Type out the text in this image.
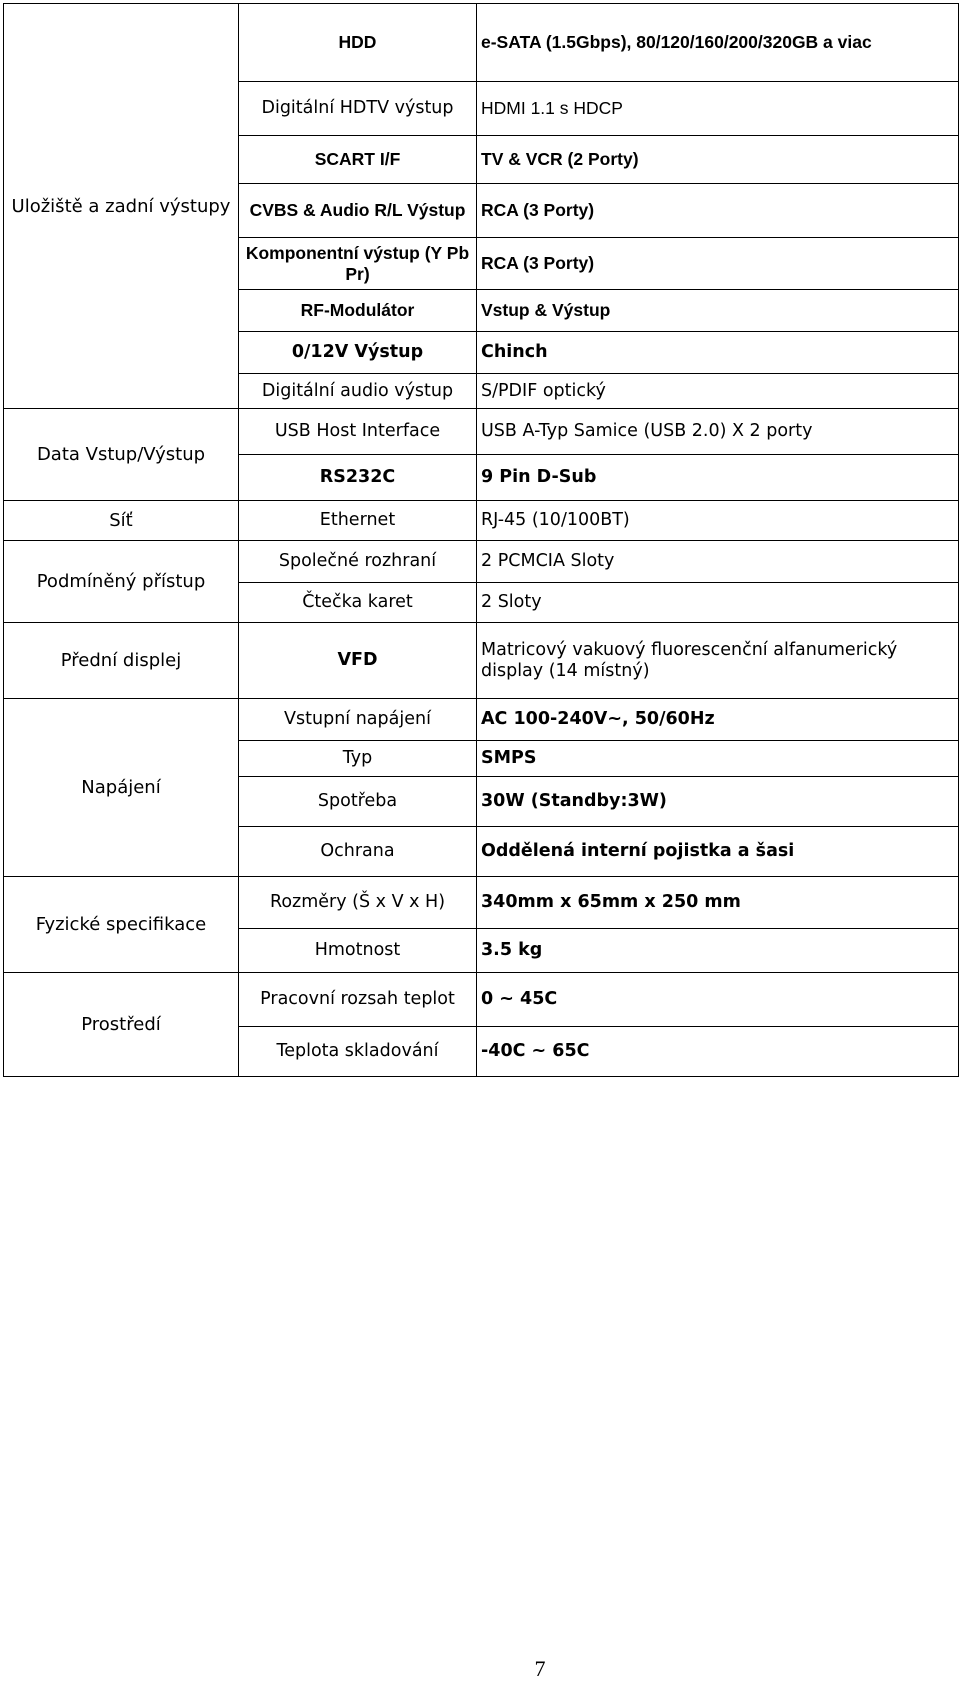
Uložiště a zadní výstupy	HDD	e-SATA (1.5Gbps), 80/120/160/200/320GB a viac
	Digitální HDTV výstup	HDMI 1.1 s HDCP
	SCART I/F	TV & VCR (2 Porty)
	CVBS & Audio R/L Výstup	RCA (3 Porty)
	Komponentní výstup (Y Pb Pr)	RCA (3 Porty)
	RF-Modulátor	Vstup & Výstup
	0/12V Výstup	Chinch
	Digitální audio výstup	S/PDIF optický
Data Vstup/Výstup	USB Host Interface	USB A-Typ Samice (USB 2.0) X 2 porty
	RS232C	9 Pin D-Sub
Síť	Ethernet	RJ-45 (10/100BT)
Podmíněný přístup	Společné rozhraní	2 PCMCIA Sloty
	Čtečka karet	2 Sloty
Přední displej	VFD	Matricový vakuový fluorescenční alfanumerický display (14 místný)
Napájení	Vstupní napájení	AC 100-240V~, 50/60Hz
	Typ	SMPS
	Spotřeba	30W (Standby:3W)
	Ochrana	Oddělená interní pojistka a šasi
Fyzické specifikace	Rozměry (Š x V x H)	340mm x 65mm x 250 mm
	Hmotnost	3.5 kg
Prostředí	Pracovní rozsah teplot	0 ~ 45C
	Teplota skladování	-40C ~ 65C
7
